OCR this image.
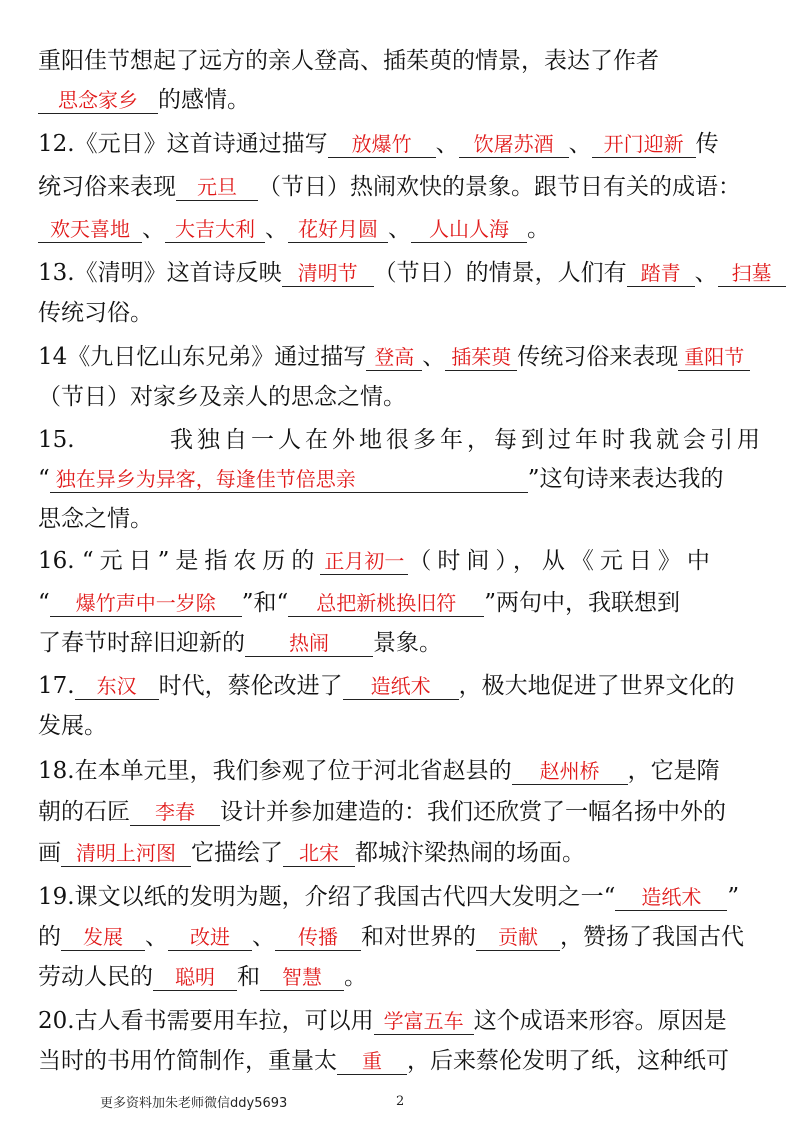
重阳佳节想起了远方的亲人登高、插茱萸的情景，表达了作者
思念家乡 的感情。
12.《元日》这首诗通过描写 放爆竹 、 饮屠苏酒 、 开门迎新 传
统习俗来表现 元旦 （节日）热闹欢快的景象。跟节日有关的成语：
欢天喜地 、 大吉大利 、 花好月圆 、 人山人海 。
13.《清明》这首诗反映 清明节 （节日）的情景，人们有 踏青 、 扫墓
传统习俗。
14《九日忆山东兄弟》通过描写 登高 、 插茱萸 传统习俗来表现 重阳节
（节日）对家乡及亲人的思念之情。
15.	我独自一人在外地很多年，每到过年时我就会引用
“ 独在异乡为异客，每逢佳节倍思亲	”这句诗来表达我的
思念之情。
16. “元日”是指农历的 正月初一 （时间），从《元日》中
“ 爆竹声中一岁除 ”和“ 总把新桃换旧符 ”两句中，我联想到
了春节时辞旧迎新的 热闹 景象。
17. 东汉 时代，蔡伦改进了 造纸术 ，极大地促进了世界文化的
发展。
18.在本单元里，我们参观了位于河北省赵县的 赵州桥 ，它是隋
朝的石匠 李春 设计并参加建造的：我们还欣赏了一幅名扬中外的
画 清明上河图 它描绘了 北宋 都城汴梁热闹的场面。
19.课文以纸的发明为题，介绍了我国古代四大发明之一“ 造纸术 ”
的 发展 、 改进 、 传播 和对世界的 贡献 ，赞扬了我国古代
劳动人民的 聪明 和 智慧 。
20.古人看书需要用车拉，可以用 学富五车 这个成语来形容。原因是
当时的书用竹简制作，重量太 重 ，后来蔡伦发明了纸，这种纸可
更多资料加朱老师微信ddy5693	2
